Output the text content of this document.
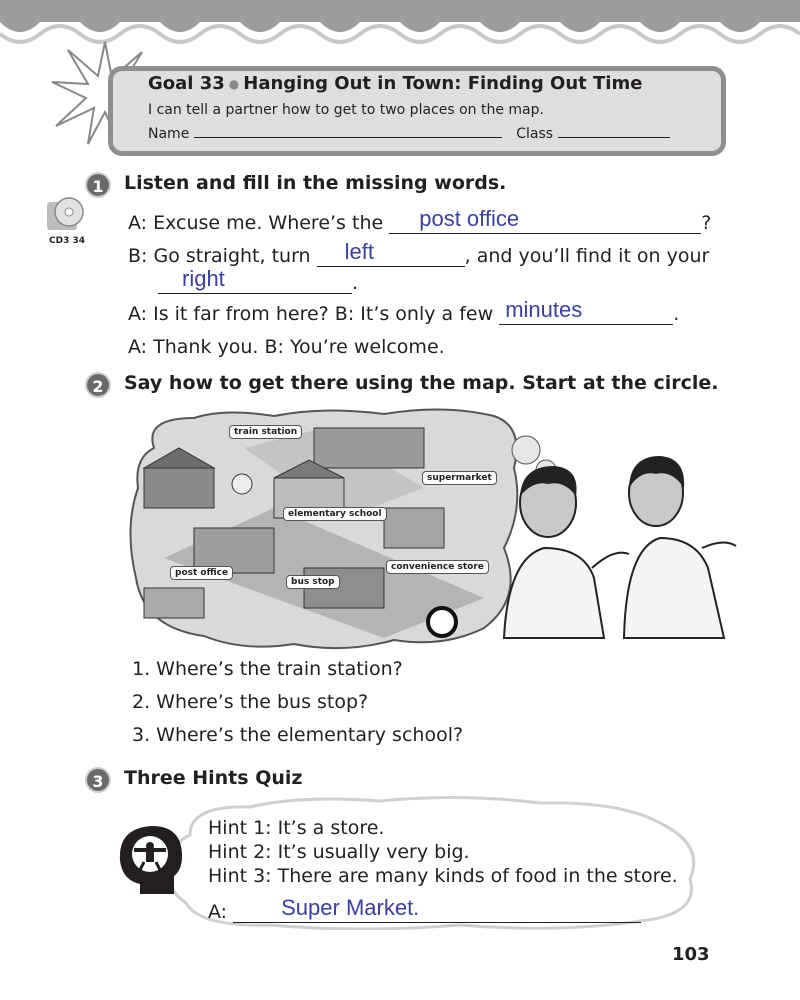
Goal 33 ● Hanging Out in Town: Finding Out Time
I can tell a partner how to get to two places on the map.
Name	Class
1	Listen and fill in the missing words.
CD3 34
A: Excuse me. Where’s the post office	?
B: Go straight, turn left	, and you’ll find it on your
right	.
A: Is it far from here? B: It’s only a few minutes	.
A: Thank you. B: You’re welcome.
2	Say how to get there using the map. Start at the circle.
train station
supermarket
elementary school
post office
bus stop
convenience store
1. Where’s the train station?
2. Where’s the bus stop?
3. Where’s the elementary school?
3	Three Hints Quiz
Hint 1: It’s a store.
Hint 2: It’s usually very big.
Hint 3: There are many kinds of food in the store.
A: Super Market.
103
